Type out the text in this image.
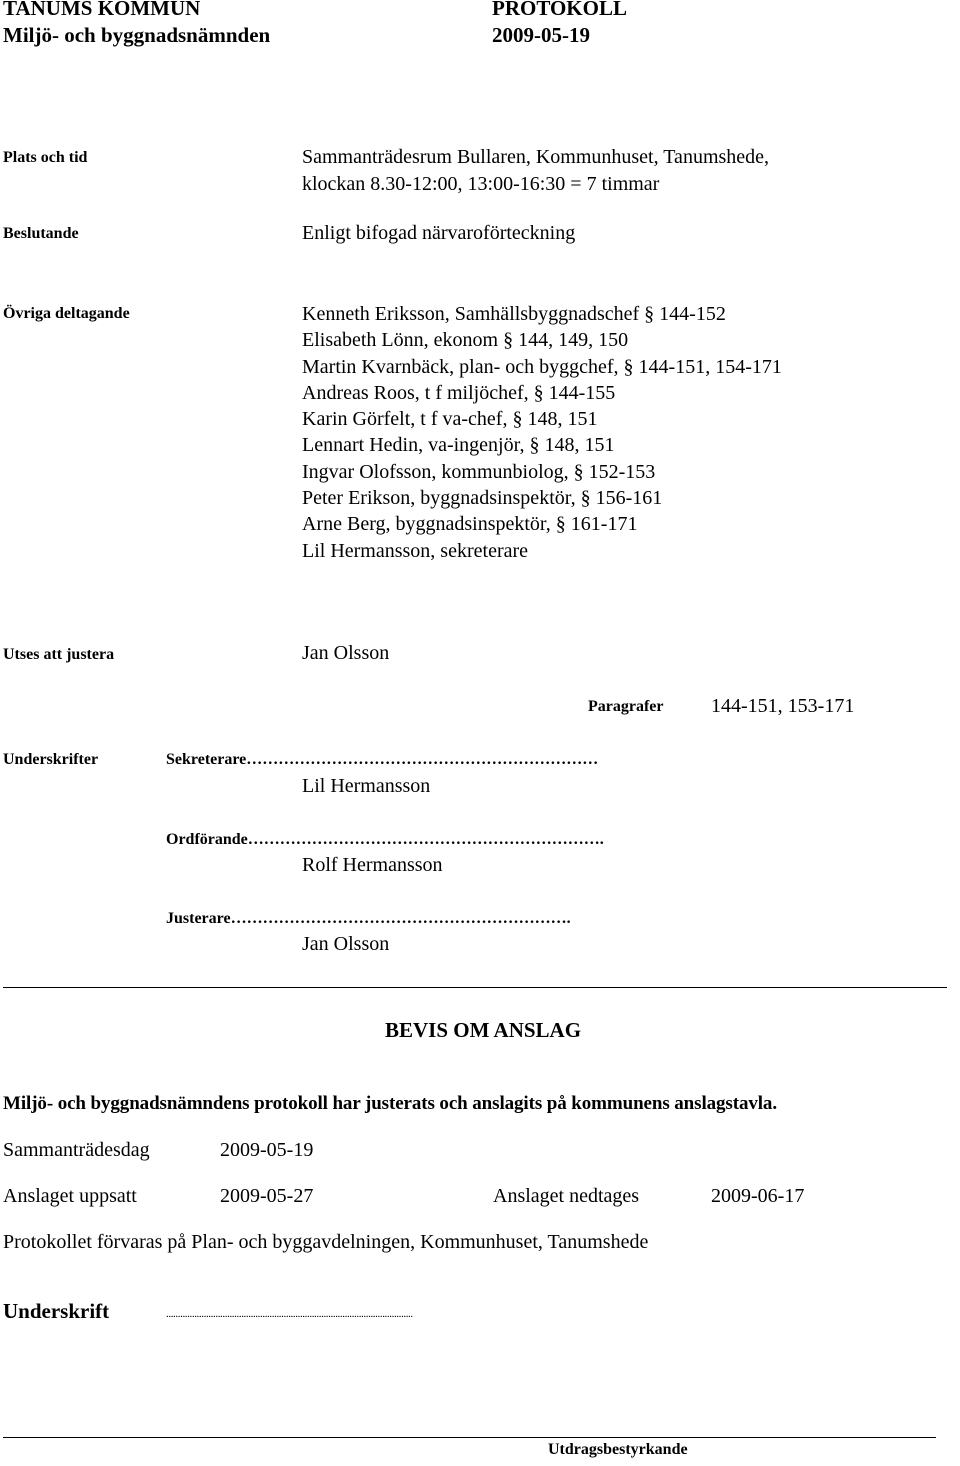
TANUMS KOMMUN	PROTOKOLL
Miljö- och byggnadsnämnden	2009-05-19
Plats och tid	Sammanträdesrum Bullaren, Kommunhuset, Tanumshede,
klockan 8.30-12:00, 13:00-16:30 = 7 timmar
Beslutande	Enligt bifogad närvaroförteckning
Övriga deltagande	Kenneth Eriksson, Samhällsbyggnadschef § 144-152
Elisabeth Lönn, ekonom § 144, 149, 150
Martin Kvarnbäck, plan- och byggchef, § 144-151, 154-171
Andreas Roos, t f miljöchef, § 144-155
Karin Görfelt, t f va-chef, § 148, 151
Lennart Hedin, va-ingenjör, § 148, 151
Ingvar Olofsson, kommunbiolog, § 152-153
Peter Erikson, byggnadsinspektör, § 156-161
Arne Berg, byggnadsinspektör, § 161-171
Lil Hermansson, sekreterare
Utses att justera	Jan Olsson
Paragrafer 144-151, 153-171
Underskrifter	Sekreterare…………………………………………………………
Lil Hermansson
Ordförande………………………………………………………….
Rolf Hermansson
Justerare……………………………………………………….
Jan Olsson
BEVIS OM ANSLAG
Miljö- och byggnadsnämndens protokoll har justerats och anslagits på kommunens anslagstavla.
Sammanträdesdag	2009-05-19
Anslaget uppsatt	2009-05-27	Anslaget nedtages	2009-06-17
Protokollet förvaras på Plan- och byggavdelningen, Kommunhuset, Tanumshede
Underskrift	.........................................................................................................
Utdragsbestyrkande
